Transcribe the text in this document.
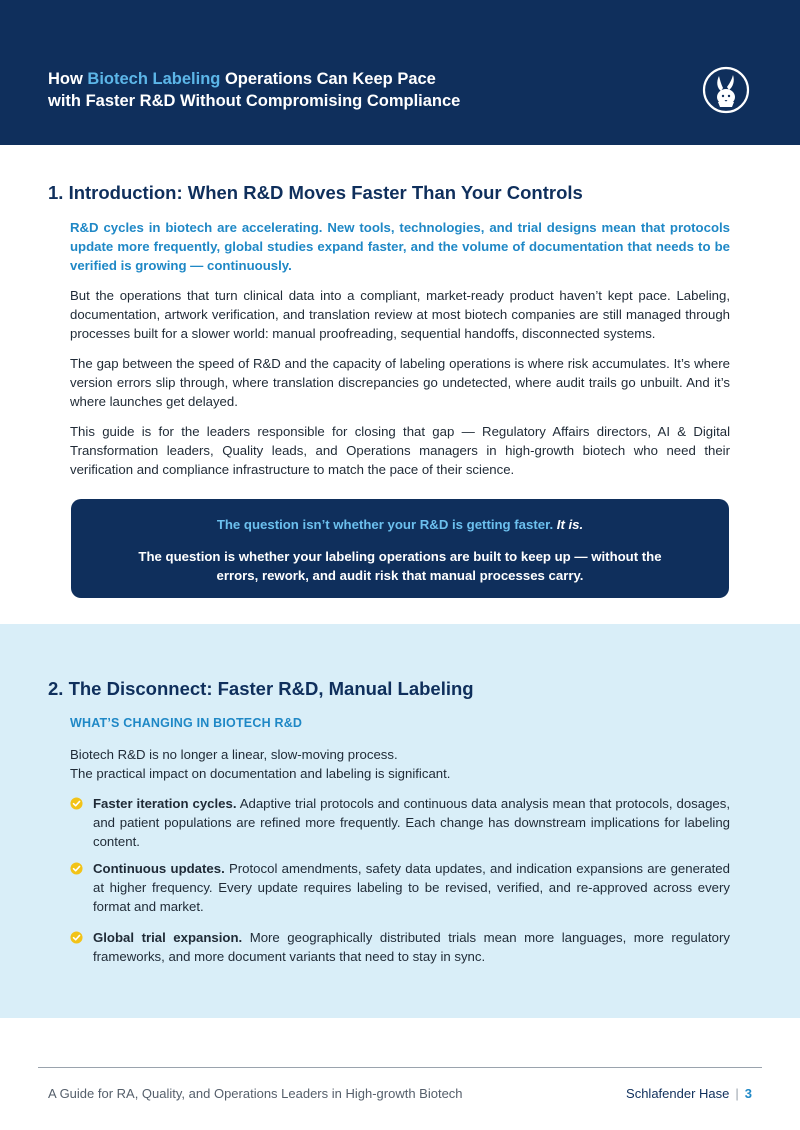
How Biotech Labeling Operations Can Keep Pace
with Faster R&D Without Compromising Compliance
1. Introduction: When R&D Moves Faster Than Your Controls
R&D cycles in biotech are accelerating. New tools, technologies, and trial designs mean that protocols update more frequently, global studies expand faster, and the volume of documentation that needs to be verified is growing — continuously.
But the operations that turn clinical data into a compliant, market-ready product haven’t kept pace. Labeling, documentation, artwork verification, and translation review at most biotech companies are still managed through processes built for a slower world: manual proofreading, sequential handoffs, disconnected systems.
The gap between the speed of R&D and the capacity of labeling operations is where risk accumulates. It’s where version errors slip through, where translation discrepancies go undetected, where audit trails go unbuilt. And it’s where launches get delayed.
This guide is for the leaders responsible for closing that gap — Regulatory Affairs directors, AI & Digital Transformation leaders, Quality leads, and Operations managers in high-growth biotech who need their verification and compliance infrastructure to match the pace of their science.
The question isn’t whether your R&D is getting faster. It is.
The question is whether your labeling operations are built to keep up — without the errors, rework, and audit risk that manual processes carry.
2. The Disconnect: Faster R&D, Manual Labeling
WHAT’S CHANGING IN BIOTECH R&D
Biotech R&D is no longer a linear, slow-moving process.
The practical impact on documentation and labeling is significant.
Faster iteration cycles. Adaptive trial protocols and continuous data analysis mean that protocols, dosages, and patient populations are refined more frequently. Each change has downstream implications for labeling content.
Continuous updates. Protocol amendments, safety data updates, and indication expansions are generated at higher frequency. Every update requires labeling to be revised, verified, and re-approved across every format and market.
Global trial expansion. More geographically distributed trials mean more languages, more regulatory frameworks, and more document variants that need to stay in sync.
A Guide for RA, Quality, and Operations Leaders in High-growth Biotech	Schlafender Hase | 3
